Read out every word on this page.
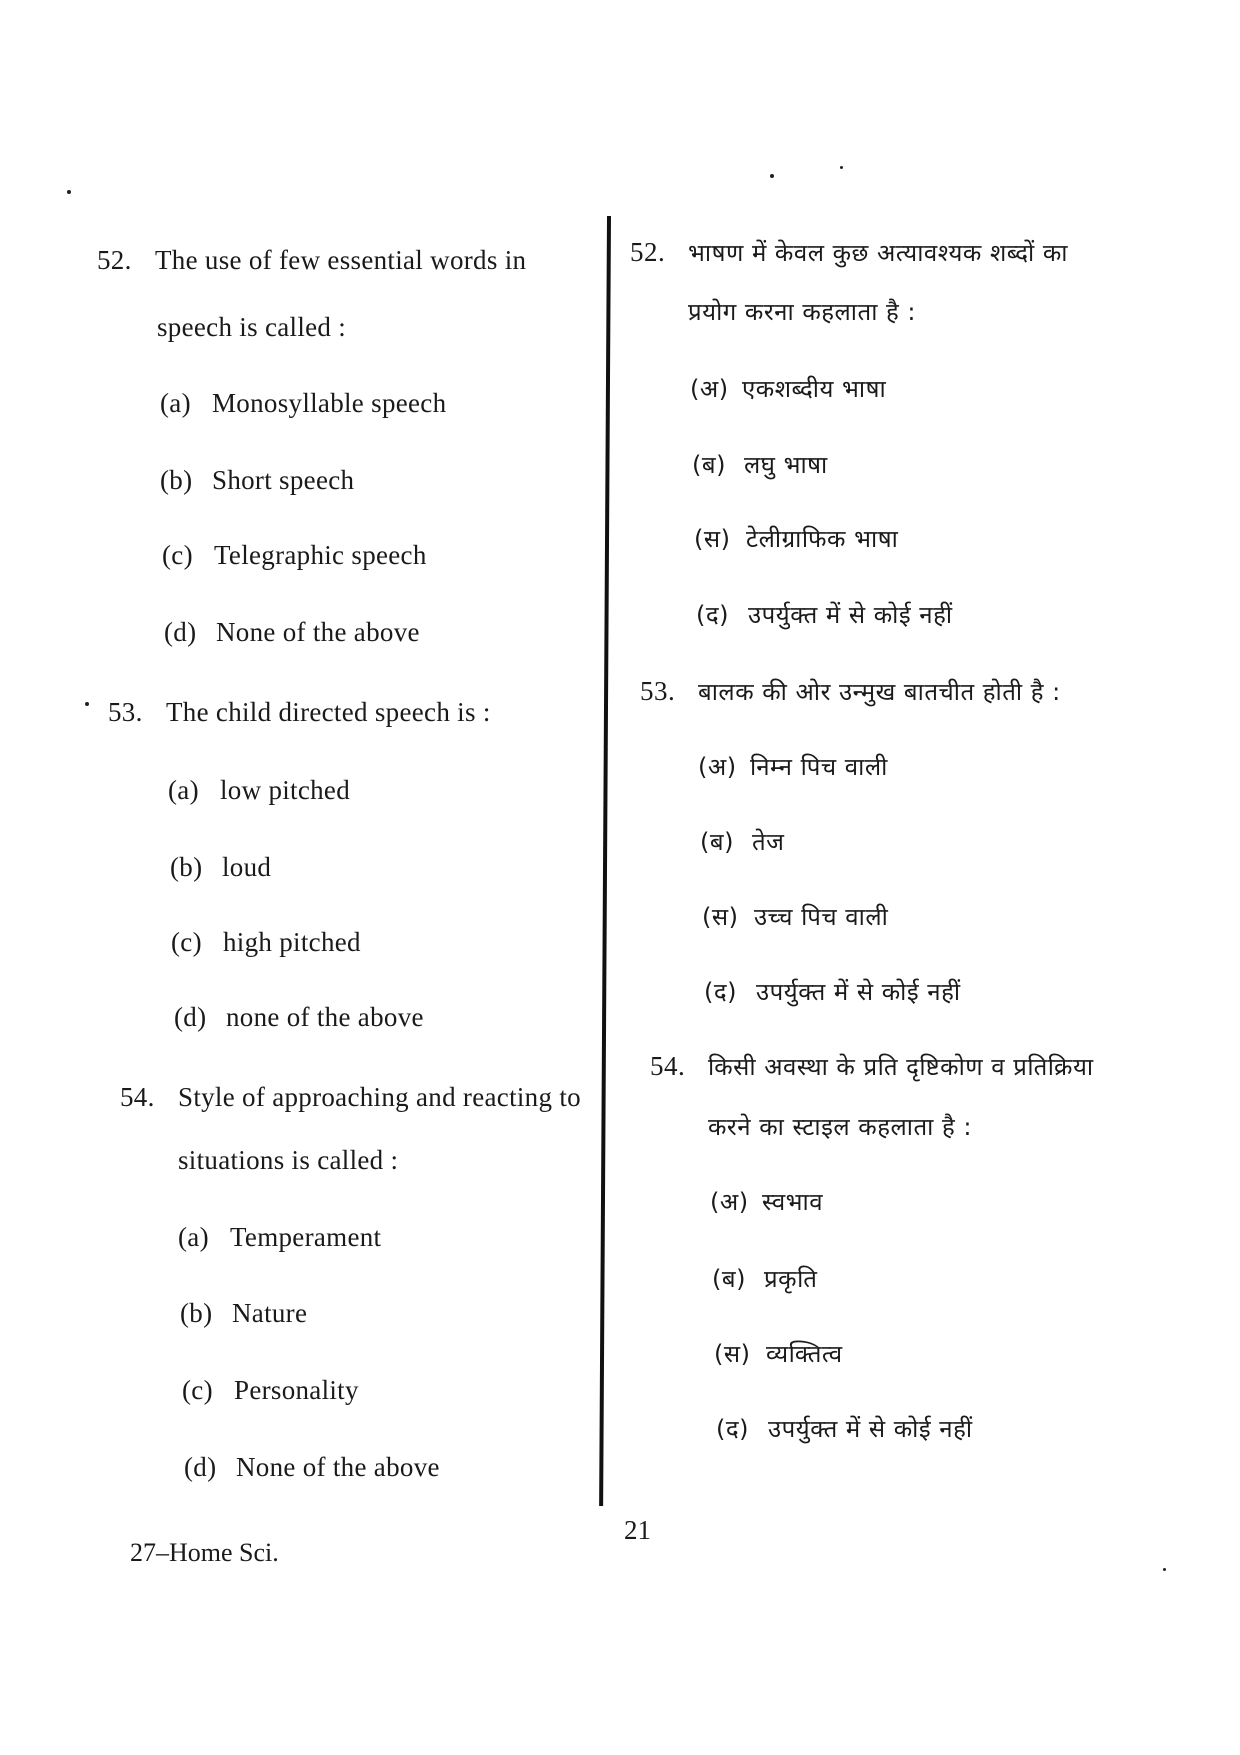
52. The use of few essential words in
speech is called :
(a) Monosyllable speech
(b) Short speech
(c) Telegraphic speech
(d) None of the above
53. The child directed speech is :
(a) low pitched
(b) loud
(c) high pitched
(d) none of the above
54. Style of approaching and reacting to
situations is called :
(a) Temperament
(b) Nature
(c) Personality
(d) None of the above
52. भाषण में केवल कुछ अत्यावश्यक शब्दों का
प्रयोग करना कहलाता है :
(अ) एकशब्दीय भाषा
(ब) लघु भाषा
(स) टेलीग्राफिक भाषा
(द) उपर्युक्त में से कोई नहीं
53. बालक की ओर उन्मुख बातचीत होती है :
(अ) निम्न पिच वाली
(ब) तेज
(स) उच्च पिच वाली
(द) उपर्युक्त में से कोई नहीं
54. किसी अवस्था के प्रति दृष्टिकोण व प्रतिक्रिया
करने का स्टाइल कहलाता है :
(अ) स्वभाव
(ब) प्रकृति
(स) व्यक्तित्व
(द) उपर्युक्त में से कोई नहीं
21
27–Home Sci.
